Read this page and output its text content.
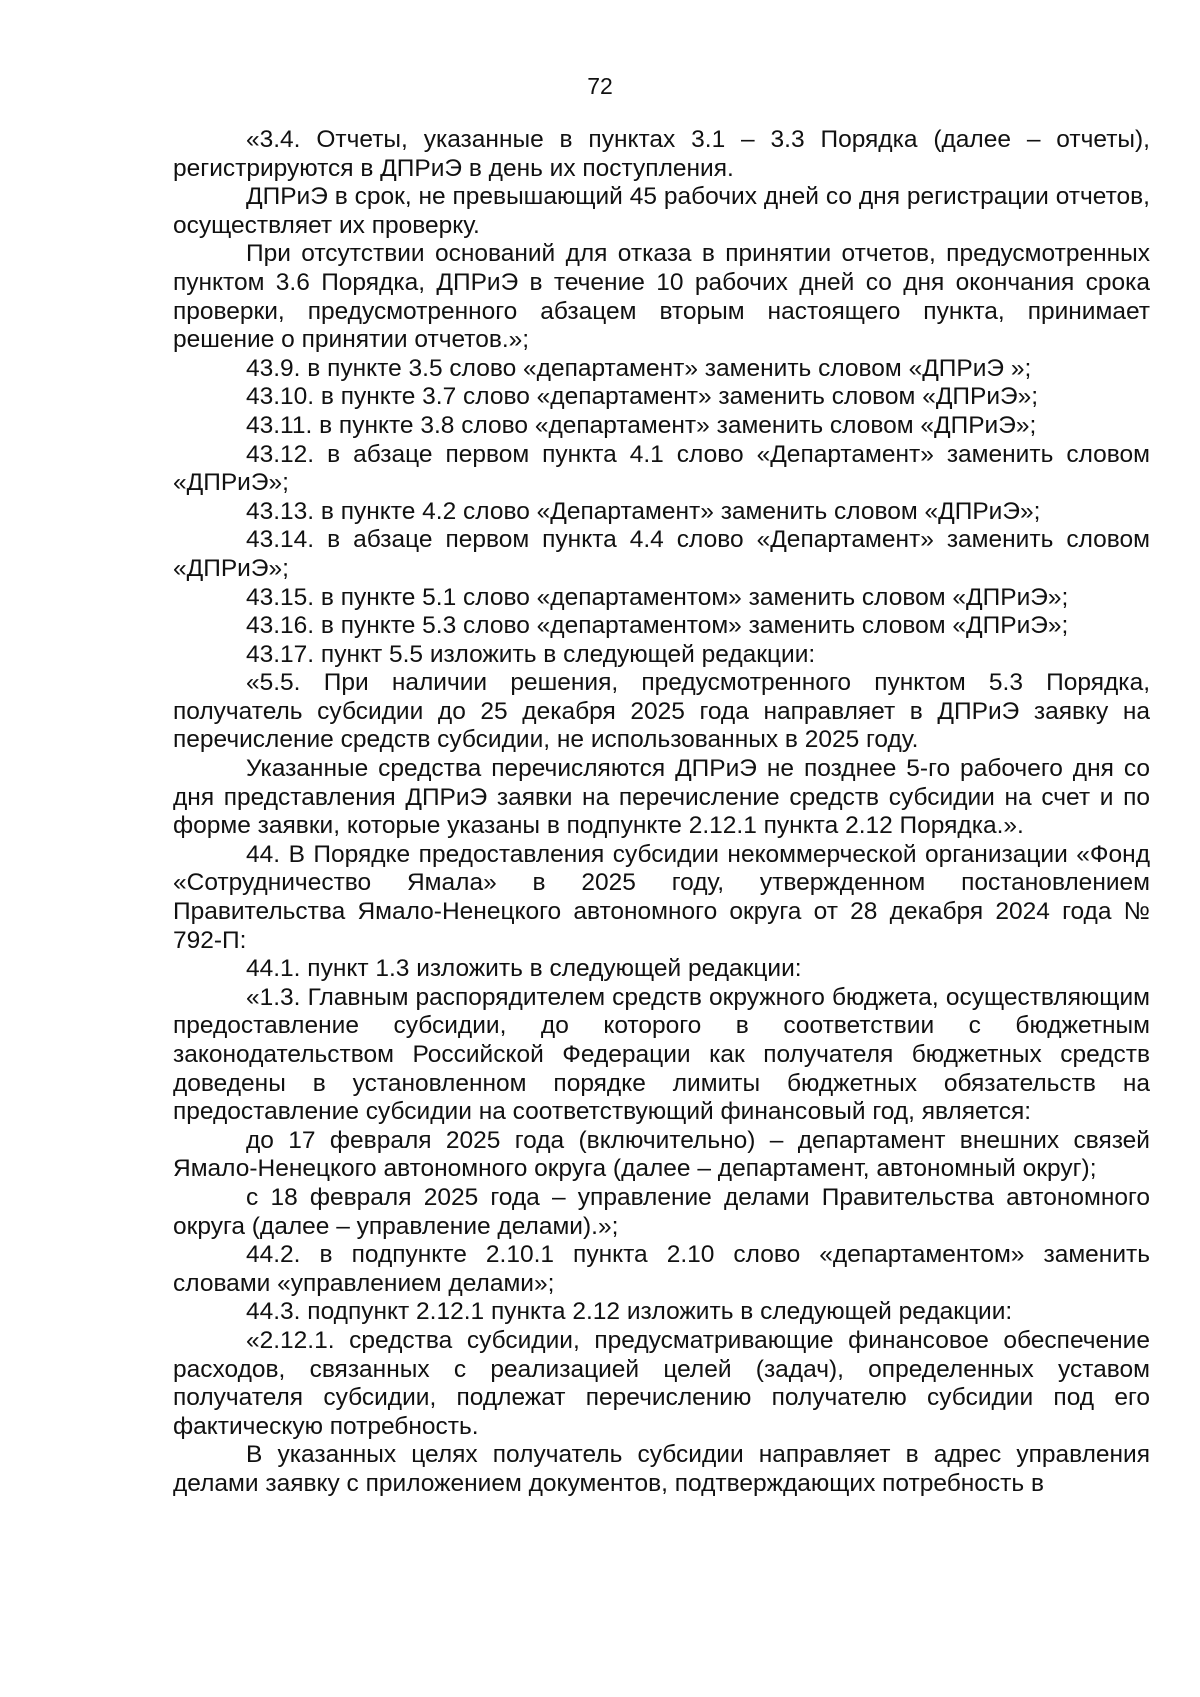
72

«3.4. Отчеты, указанные в пунктах 3.1 – 3.3 Порядка (далее – отчеты), регистрируются в ДПРиЭ в день их поступления.

ДПРиЭ в срок, не превышающий 45 рабочих дней со дня регистрации отчетов, осуществляет их проверку.

При отсутствии оснований для отказа в принятии отчетов, предусмотренных пунктом 3.6 Порядка, ДПРиЭ в течение 10 рабочих дней со дня окончания срока проверки, предусмотренного абзацем вторым настоящего пункта, принимает решение о принятии отчетов.»;

43.9. в пункте 3.5 слово «департамент» заменить словом «ДПРиЭ »;

43.10. в пункте 3.7 слово «департамент» заменить словом «ДПРиЭ»;

43.11. в пункте 3.8 слово «департамент» заменить словом «ДПРиЭ»;

43.12. в абзаце первом пункта 4.1 слово «Департамент» заменить словом «ДПРиЭ»;

43.13. в пункте 4.2 слово «Департамент» заменить словом «ДПРиЭ»;

43.14. в абзаце первом пункта 4.4 слово «Департамент» заменить словом «ДПРиЭ»;

43.15. в пункте 5.1 слово «департаментом» заменить словом «ДПРиЭ»;

43.16. в пункте 5.3 слово «департаментом» заменить словом «ДПРиЭ»;

43.17. пункт 5.5 изложить в следующей редакции:

«5.5. При наличии решения, предусмотренного пунктом 5.3 Порядка, получатель субсидии до 25 декабря 2025 года направляет в ДПРиЭ заявку на перечисление средств субсидии, не использованных в 2025 году.

Указанные средства перечисляются ДПРиЭ не позднее 5-го рабочего дня со дня представления ДПРиЭ заявки на перечисление средств субсидии на счет и по форме заявки, которые указаны в подпункте 2.12.1 пункта 2.12 Порядка.».

44. В Порядке предоставления субсидии некоммерческой организации «Фонд «Сотрудничество Ямала» в 2025 году, утвержденном постановлением Правительства Ямало-Ненецкого автономного округа от 28 декабря 2024 года № 792-П:

44.1. пункт 1.3 изложить в следующей редакции:

«1.3. Главным распорядителем средств окружного бюджета, осуществляющим предоставление субсидии, до которого в соответствии с бюджетным законодательством Российской Федерации как получателя бюджетных средств доведены в установленном порядке лимиты бюджетных обязательств на предоставление субсидии на соответствующий финансовый год, является:

до 17 февраля 2025 года (включительно) – департамент внешних связей Ямало-Ненецкого автономного округа (далее – департамент, автономный округ);

с 18 февраля 2025 года – управление делами Правительства автономного округа (далее – управление делами).»;

44.2. в подпункте 2.10.1 пункта 2.10 слово «департаментом» заменить словами «управлением делами»;

44.3. подпункт 2.12.1 пункта 2.12 изложить в следующей редакции:

«2.12.1. средства субсидии, предусматривающие финансовое обеспечение расходов, связанных с реализацией целей (задач), определенных уставом получателя субсидии, подлежат перечислению получателю субсидии под его фактическую потребность.

В указанных целях получатель субсидии направляет в адрес управления делами заявку с приложением документов, подтверждающих потребность в
